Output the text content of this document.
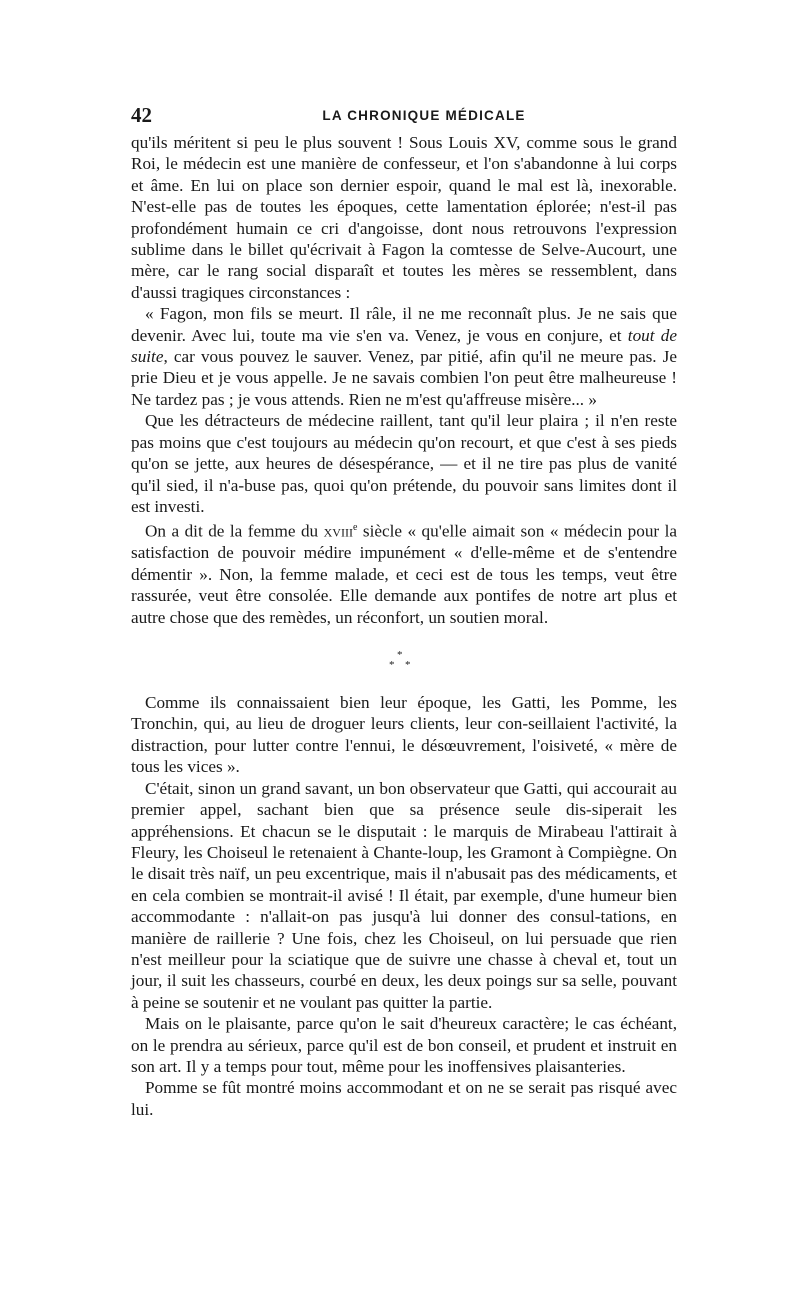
42	LA CHRONIQUE MÉDICALE

qu'ils méritent si peu le plus souvent ! Sous Louis XV, comme sous le grand Roi, le médecin est une manière de confesseur, et l'on s'abandonne à lui corps et âme. En lui on place son dernier espoir, quand le mal est là, inexorable. N'est-elle pas de toutes les époques, cette lamentation éplorée; n'est-il pas profondément humain ce cri d'angoisse, dont nous retrouvons l'expression sublime dans le billet qu'écrivait à Fagon la comtesse de Selve-Aucourt, une mère, car le rang social disparaît et toutes les mères se ressemblent, dans d'aussi tragiques circonstances :

« Fagon, mon fils se meurt. Il râle, il ne me reconnaît plus. Je ne sais que devenir. Avec lui, toute ma vie s'en va. Venez, je vous en conjure, et tout de suite, car vous pouvez le sauver. Venez, par pitié, afin qu'il ne meure pas. Je prie Dieu et je vous appelle. Je ne savais combien l'on peut être malheureuse ! Ne tardez pas ; je vous attends. Rien ne m'est qu'affreuse misère... »

Que les détracteurs de médecine raillent, tant qu'il leur plaira ; il n'en reste pas moins que c'est toujours au médecin qu'on recourt, et que c'est à ses pieds qu'on se jette, aux heures de désespérance, — et il ne tire pas plus de vanité qu'il sied, il n'a-buse pas, quoi qu'on prétende, du pouvoir sans limites dont il est investi.

On a dit de la femme du xviii$^e$ siècle « qu'elle aimait son « médecin pour la satisfaction de pouvoir médire impunément « d'elle-même et de s'entendre démentir ». Non, la femme malade, et ceci est de tous les temps, veut être rassurée, veut être consolée. Elle demande aux pontifes de notre art plus et autre chose que des remèdes, un réconfort, un soutien moral.

*
* *

Comme ils connaissaient bien leur époque, les Gatti, les Pomme, les Tronchin, qui, au lieu de droguer leurs clients, leur con-seillaient l'activité, la distraction, pour lutter contre l'ennui, le désœuvrement, l'oisiveté, « mère de tous les vices ».

C'était, sinon un grand savant, un bon observateur que Gatti, qui accourait au premier appel, sachant bien que sa présence seule dis-siperait les appréhensions. Et chacun se le disputait : le marquis de Mirabeau l'attirait à Fleury, les Choiseul le retenaient à Chante-loup, les Gramont à Compiègne. On le disait très naïf, un peu excentrique, mais il n'abusait pas des médicaments, et en cela combien se montrait-il avisé ! Il était, par exemple, d'une humeur bien accommodante : n'allait-on pas jusqu'à lui donner des consul-tations, en manière de raillerie ? Une fois, chez les Choiseul, on lui persuade que rien n'est meilleur pour la sciatique que de suivre une chasse à cheval et, tout un jour, il suit les chasseurs, courbé en deux, les deux poings sur sa selle, pouvant à peine se soutenir et ne voulant pas quitter la partie.

Mais on le plaisante, parce qu'on le sait d'heureux caractère; le cas échéant, on le prendra au sérieux, parce qu'il est de bon conseil, et prudent et instruit en son art. Il y a temps pour tout, même pour les inoffensives plaisanteries.

Pomme se fût montré moins accommodant et on ne se serait pas risqué avec lui.
